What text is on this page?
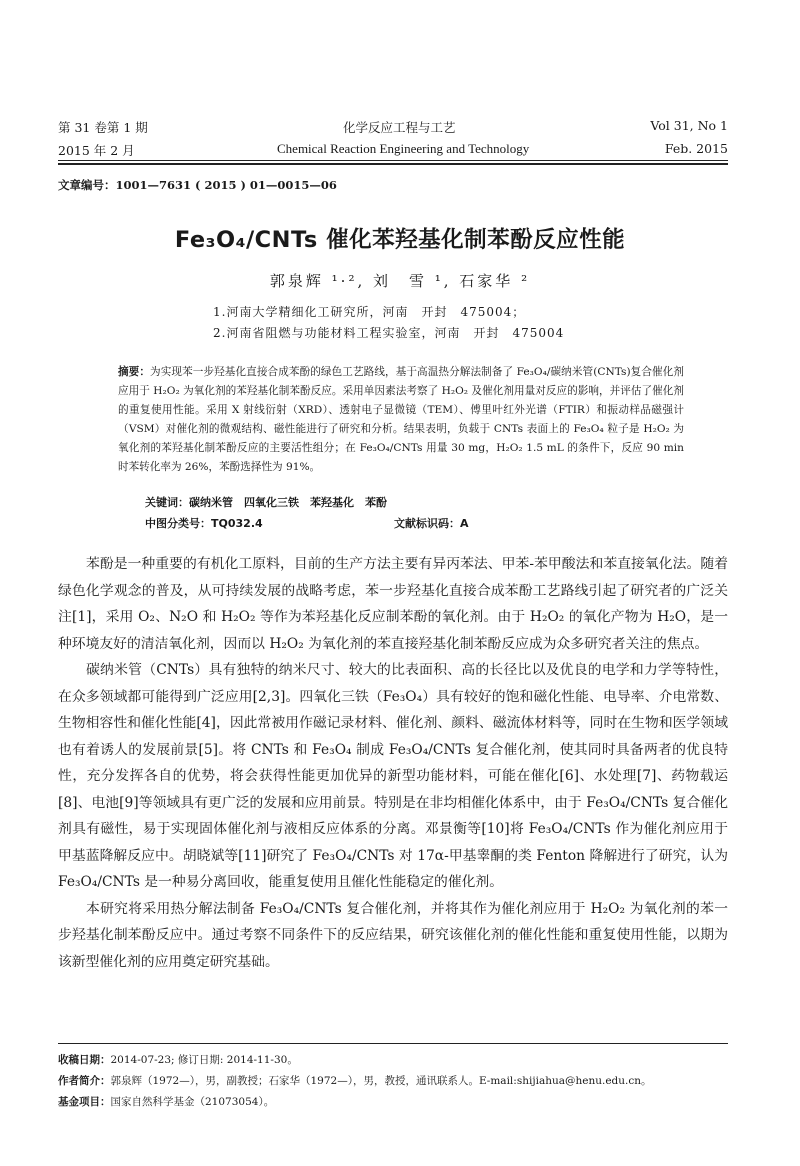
第 31 卷第 1 期	化学反应工程与工艺	Vol 31, No 1
2015 年 2 月	Chemical Reaction Engineering and Technology	Feb. 2015
文章编号：1001—7631 ( 2015 ) 01—0015—06
Fe₃O₄/CNTs 催化苯羟基化制苯酚反应性能
郭泉辉 ¹·², 刘　雪 ¹, 石家华 ²
1.河南大学精细化工研究所，河南　开封　475004；
2.河南省阻燃与功能材料工程实验室，河南　开封　475004
摘要：为实现苯一步羟基化直接合成苯酚的绿色工艺路线，基于高温热分解法制备了 Fe₃O₄/碳纳米管(CNTs)复合催化剂应用于 H₂O₂ 为氧化剂的苯羟基化制苯酚反应。采用单因素法考察了 H₂O₂ 及催化剂用量对反应的影响，并评估了催化剂的重复使用性能。采用 X 射线衍射（XRD）、透射电子显微镜（TEM）、傅里叶红外光谱（FTIR）和振动样品磁强计（VSM）对催化剂的微观结构、磁性能进行了研究和分析。结果表明，负载于 CNTs 表面上的 Fe₃O₄ 粒子是 H₂O₂ 为氧化剂的苯羟基化制苯酚反应的主要活性组分；在 Fe₃O₄/CNTs 用量 30 mg，H₂O₂ 1.5 mL 的条件下，反应 90 min 时苯转化率为 26%，苯酚选择性为 91%。
关键词：碳纳米管　四氧化三铁　苯羟基化　苯酚
中图分类号：TQ032.4	文献标识码：A

苯酚是一种重要的有机化工原料，目前的生产方法主要有异丙苯法、甲苯-苯甲酸法和苯直接氧化法。随着绿色化学观念的普及，从可持续发展的战略考虑，苯一步羟基化直接合成苯酚工艺路线引起了研究者的广泛关注[1]，采用 O₂、N₂O 和 H₂O₂ 等作为苯羟基化反应制苯酚的氧化剂。由于 H₂O₂ 的氧化产物为 H₂O，是一种环境友好的清洁氧化剂，因而以 H₂O₂ 为氧化剂的苯直接羟基化制苯酚反应成为众多研究者关注的焦点。

碳纳米管（CNTs）具有独特的纳米尺寸、较大的比表面积、高的长径比以及优良的电学和力学等特性，在众多领域都可能得到广泛应用[2,3]。四氧化三铁（Fe₃O₄）具有较好的饱和磁化性能、电导率、介电常数、生物相容性和催化性能[4]，因此常被用作磁记录材料、催化剂、颜料、磁流体材料等，同时在生物和医学领域也有着诱人的发展前景[5]。将 CNTs 和 Fe₃O₄ 制成 Fe₃O₄/CNTs 复合催化剂，使其同时具备两者的优良特性，充分发挥各自的优势，将会获得性能更加优异的新型功能材料，可能在催化[6]、水处理[7]、药物载运[8]、电池[9]等领域具有更广泛的发展和应用前景。特别是在非均相催化体系中，由于 Fe₃O₄/CNTs 复合催化剂具有磁性，易于实现固体催化剂与液相反应体系的分离。邓景衡等[10]将 Fe₃O₄/CNTs 作为催化剂应用于甲基蓝降解反应中。胡晓斌等[11]研究了 Fe₃O₄/CNTs 对 17α-甲基睾酮的类 Fenton 降解进行了研究，认为 Fe₃O₄/CNTs 是一种易分离回收，能重复使用且催化性能稳定的催化剂。

本研究将采用热分解法制备 Fe₃O₄/CNTs 复合催化剂，并将其作为催化剂应用于 H₂O₂ 为氧化剂的苯一步羟基化制苯酚反应中。通过考察不同条件下的反应结果，研究该催化剂的催化性能和重复使用性能，以期为该新型催化剂的应用奠定研究基础。

收稿日期：2014-07-23; 修订日期: 2014-11-30。
作者简介：郭泉辉（1972—），男，副教授；石家华（1972—），男，教授，通讯联系人。E-mail:shijiahua@henu.edu.cn。
基金项目：国家自然科学基金（21073054）。
